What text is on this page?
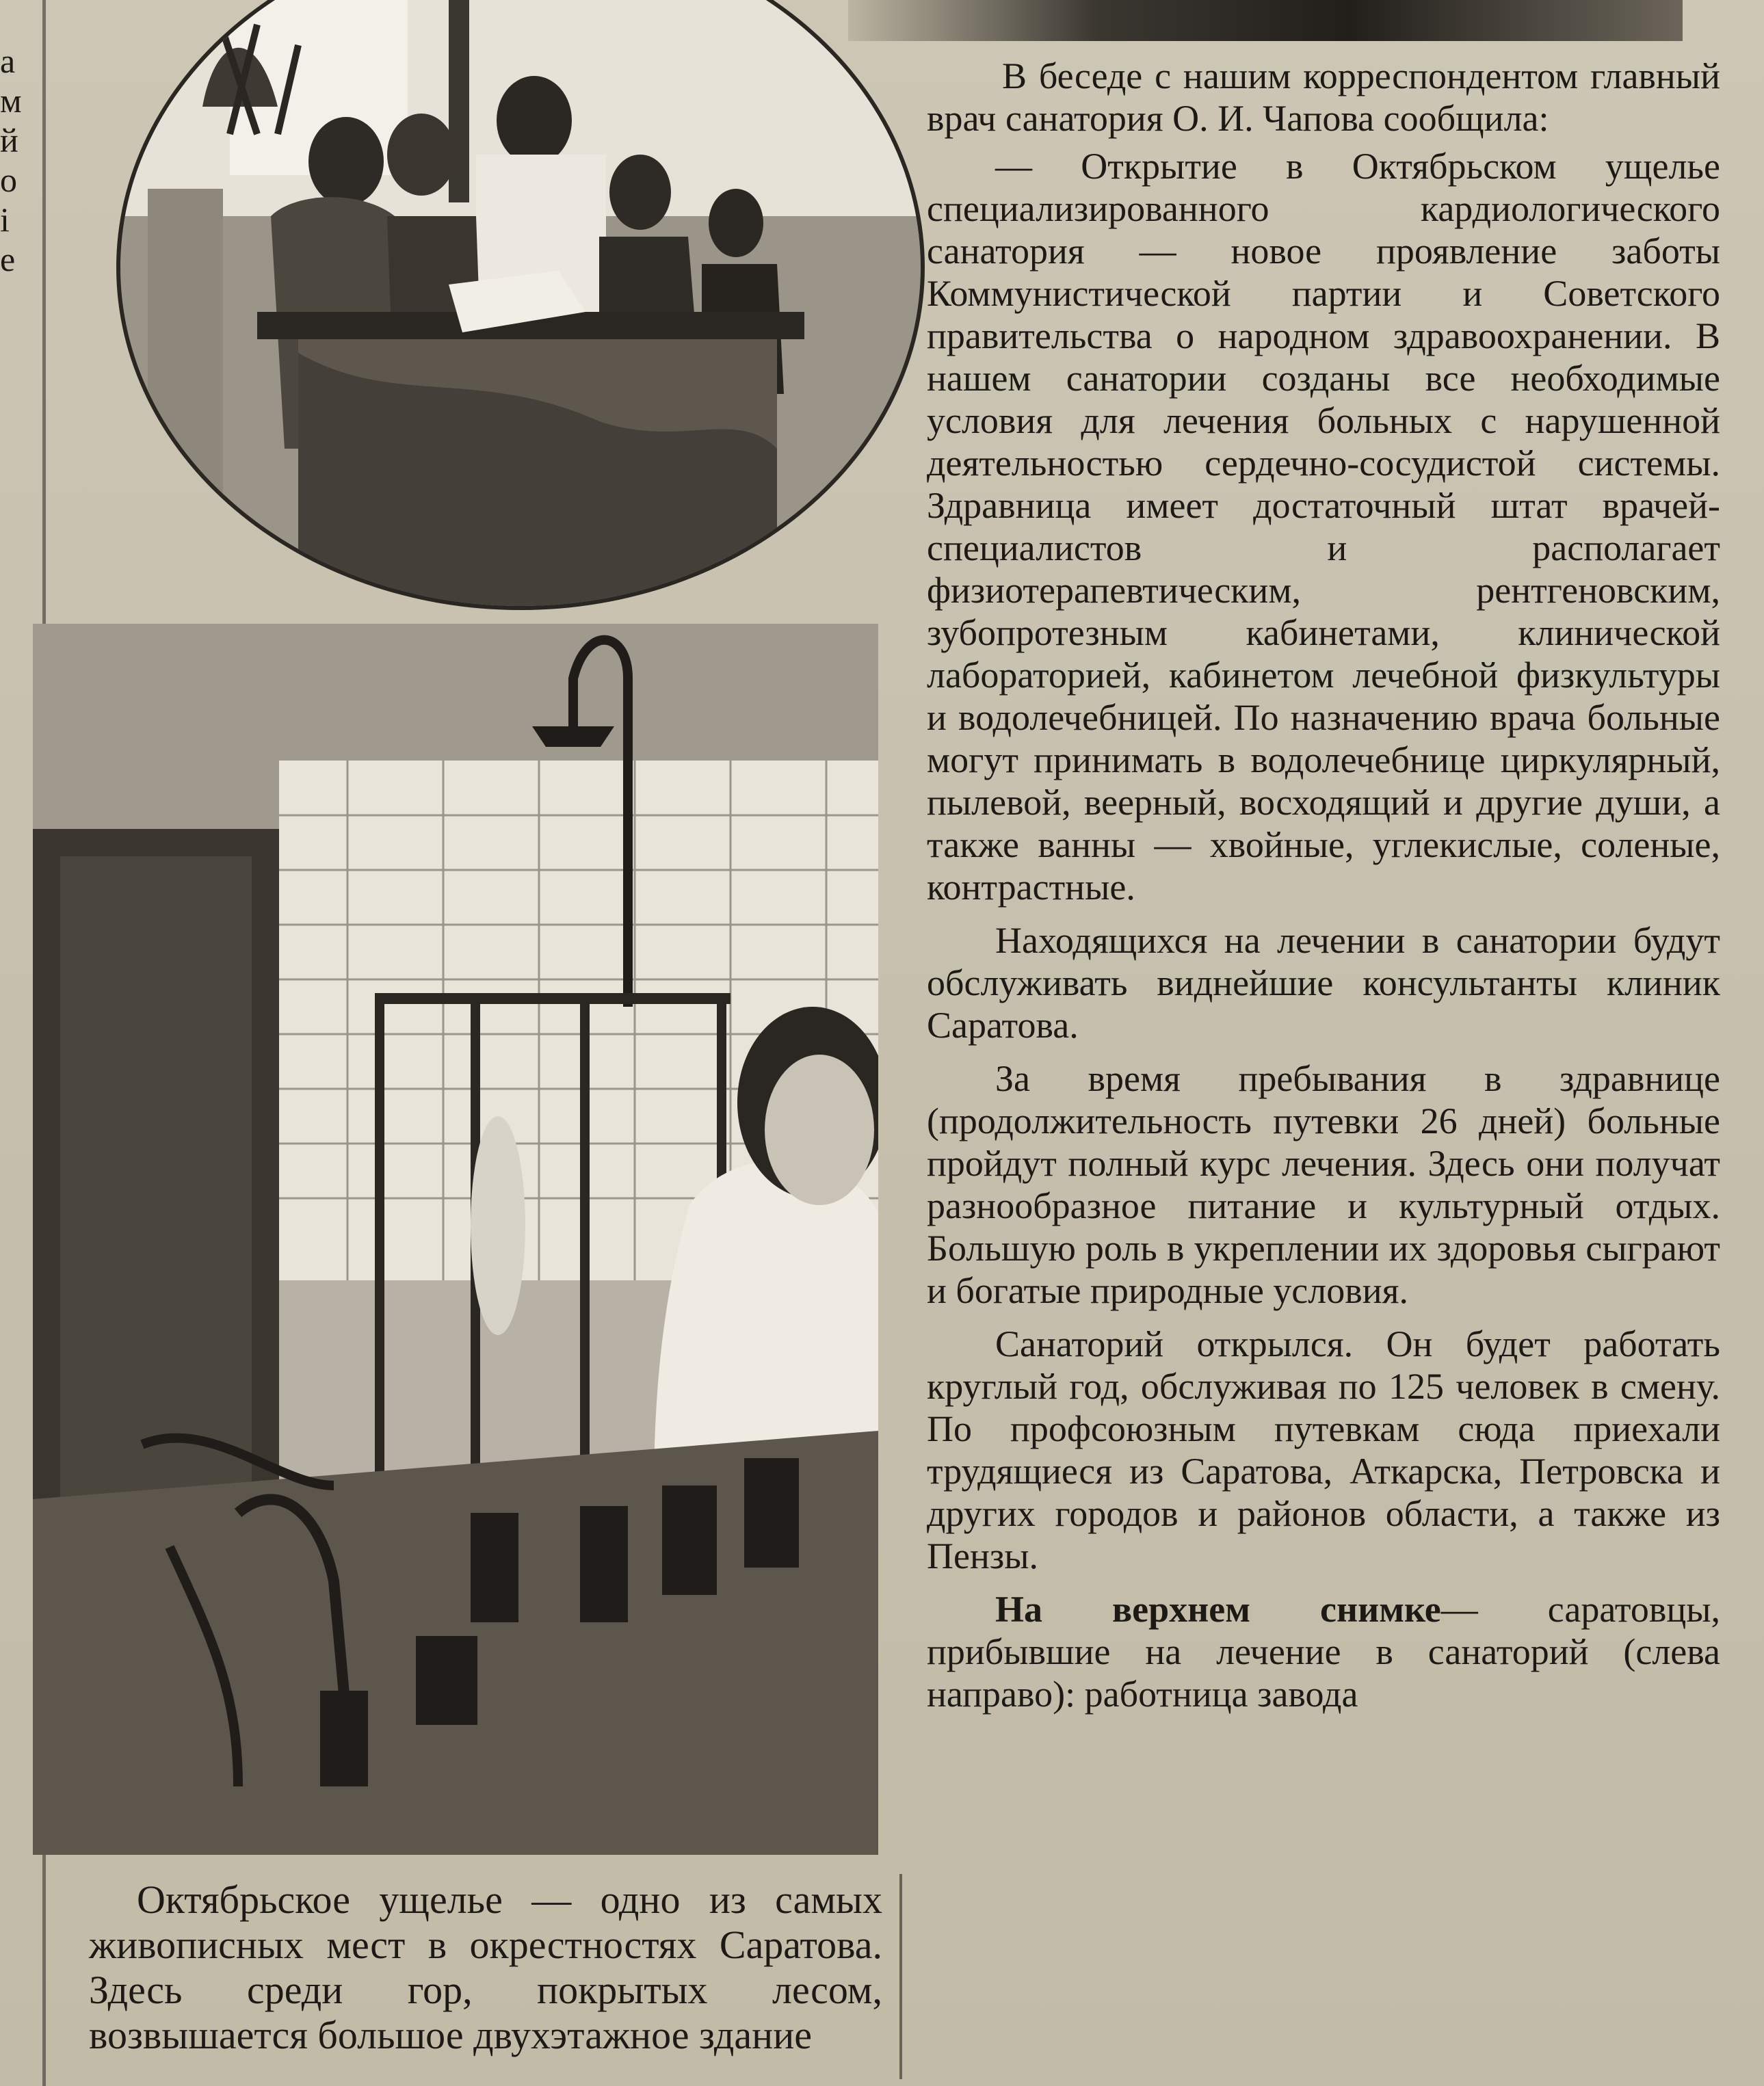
а
м
й
о
і
е

В беседе с нашим корреспондентом главный врач санатория О. И. Чапова сообщила:

— Открытие в Октябрьском ущелье специализированного кардиологического санатория — новое проявление заботы Коммунистической партии и Советского правительства о народном здравоохранении. В нашем санатории созданы все необходимые условия для лечения больных с нарушенной деятельностью сердечно-сосудистой системы. Здравница имеет достаточный штат врачей-специалистов и располагает физиотерапевтическим, рентгеновским, зубопротезным кабинетами, клинической лабораторией, кабинетом лечебной физкультуры и водолечебницей. По назначению врача больные могут принимать в водолечебнице циркулярный, пылевой, веерный, восходящий и другие души, а также ванны — хвойные, углекислые, соленые, контрастные.

Находящихся на лечении в санатории будут обслуживать виднейшие консультанты клиник Саратова.

За время пребывания в здравнице (продолжительность путевки 26 дней) больные пройдут полный курс лечения. Здесь они получат разнообразное питание и культурный отдых. Большую роль в укреплении их здоровья сыграют и богатые природные условия.

Санаторий открылся. Он будет работать круглый год, обслуживая по 125 человек в смену. По профсоюзным путевкам сюда приехали трудящиеся из Саратова, Аткарска, Петровска и других городов и районов области, а также из Пензы.

На верхнем снимке— саратовцы, прибывшие на лечение в санаторий (слева направо): работница завода

Октябрьское ущелье — одно из самых живописных мест в окрестностях Саратова. Здесь среди гор, покрытых лесом, возвышается большое двухэтажное здание
